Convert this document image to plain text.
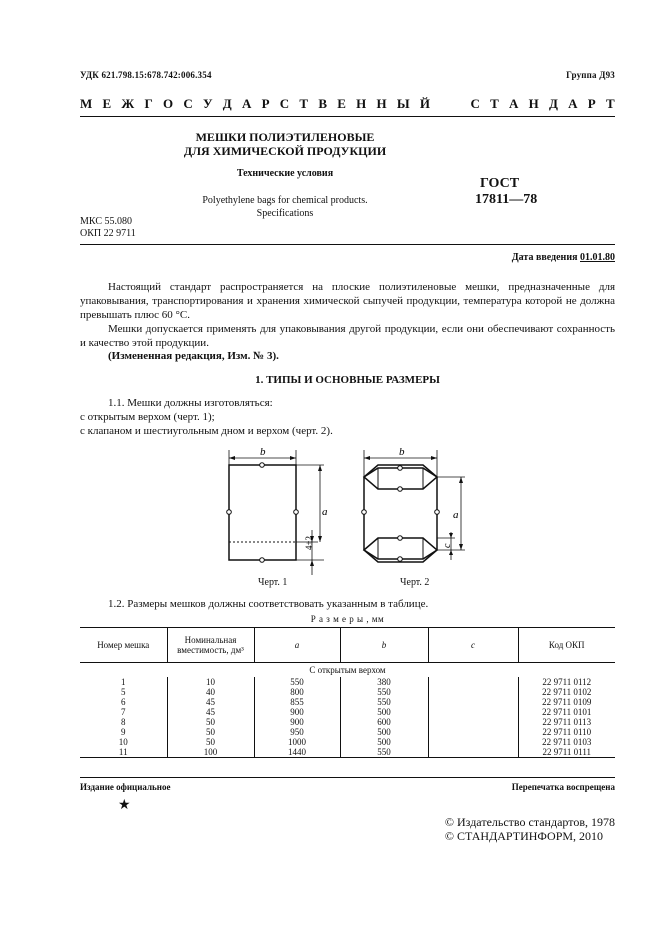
УДК 621.798.15:678.742:006.354	Группа Д93
М Е Ж Г О С У Д А Р С Т В Е Н Н Ы Й	С Т А Н Д А Р Т
МЕШКИ ПОЛИЭТИЛЕНОВЫЕ
ДЛЯ ХИМИЧЕСКОЙ ПРОДУКЦИИ
Технические условия
Polyethylene bags for chemical products.
Specifications
ГОСТ
17811—78
МКС 55.080
ОКП 22 9711
Дата введения 01.01.80
Настоящий стандарт распространяется на плоские полиэтиленовые мешки, предназначенные для упаковывания, транспортирования и хранения химической сыпучей продукции, температура которой не должна превышать плюс 60 °С.
Мешки допускается применять для упаковывания другой продукции, если они обеспечивают сохранность и качество этой продукции.
(Измененная редакция, Изм. № 3).
1. ТИПЫ И ОСНОВНЫЕ РАЗМЕРЫ
1.1. Мешки должны изготовляться:
с открытым верхом (черт. 1);
с клапаном и шестиугольным дном и верхом (черт. 2).
b
a
4±2
Черт. 1
b
a
c
Черт. 2
1.2. Размеры мешков должны соответствовать указанным в таблице.
Р а з м е р ы , мм
Номер мешка	Номинальная вместимость, дм³	a	b	c	Код ОКП
С открытым верхом					
1	10	550	380		22 9711 0112
5	40	800	550		22 9711 0102
6	45	855	550		22 9711 0109
7	45	900	500		22 9711 0101
8	50	900	600		22 9711 0113
9	50	950	500		22 9711 0110
10	50	1000	500		22 9711 0103
11	100	1440	550		22 9711 0111
Издание официальное	Перепечатка воспрещена
★
© Издательство стандартов, 1978
© СТАНДАРТИНФОРМ, 2010
